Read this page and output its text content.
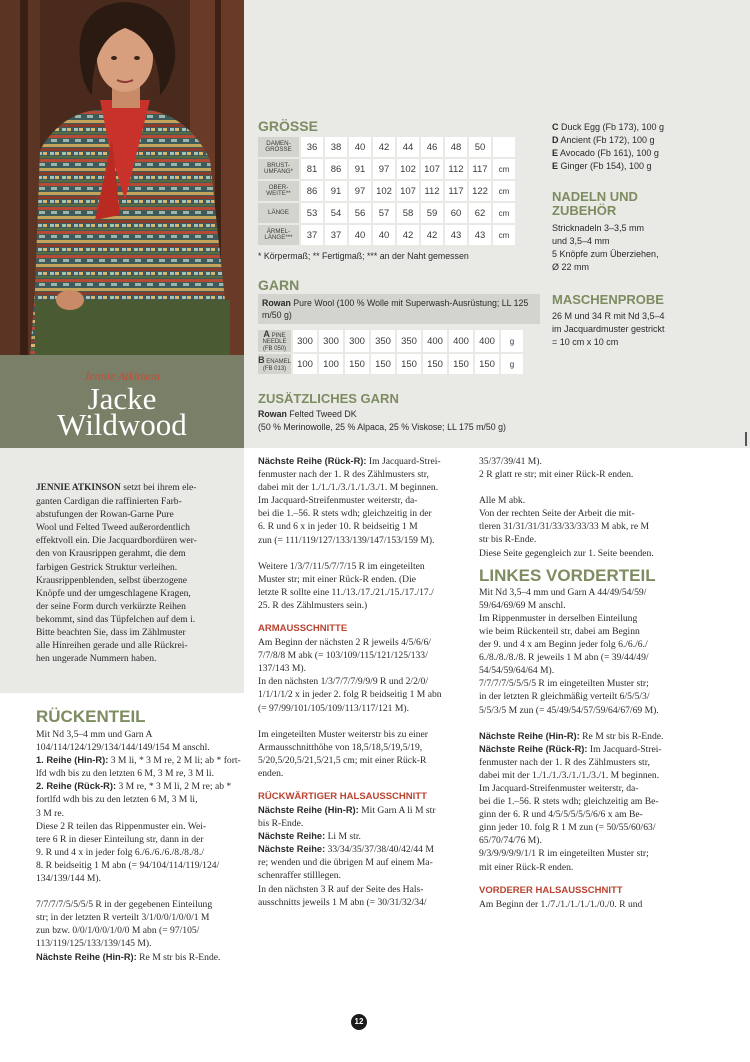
Jennie Atkinson
Jacke
Wildwood
GRÖSSE
DAMEN-
GRÖSSE	36	38	40	42	44	46	48	50	
BRUST-
UMFANG*	81	86	91	97	102	107	112	117	cm
OBER-
WEITE**	86	91	97	102	107	112	117	122	cm
LÄNGE	53	54	56	57	58	59	60	62	cm
ÄRMEL-
LÄNGE***	37	37	40	40	42	42	43	43	cm
* Körpermaß; ** Fertigmaß; *** an der Naht gemessen
GARN
Rowan Pure Wool (100 % Wolle mit Superwash-Ausrüstung; LL 125 m/50 g)
A PINE NEEDLE
(FB 050)	300	300	300	350	350	400	400	400	g
B ENAMEL
(FB 013)	100	100	150	150	150	150	150	150	g
ZUSÄTZLICHES GARN
Rowan Felted Tweed DK
(50 % Merinowolle, 25 % Alpaca, 25 % Viskose; LL 175 m/50 g)
C Duck Egg (Fb 173), 100 g
D Ancient (Fb 172), 100 g
E Avocado (Fb 161), 100 g
E Ginger (Fb 154), 100 g
NADELN UND
ZUBEHÖR

Stricknadeln 3–3,5 mm

und 3,5–4 mm

5 Knöpfe zum Überziehen,

Ø 22 mm

MASCHENPROBE

26 M und 34 R mit Nd 3,5–4

im Jacquardmuster gestrickt

= 10 cm x 10 cm

JENNIE ATKINSON setzt bei ihrem ele-

ganten Cardigan die raffinierten Farb-

abstufungen der Rowan-Garne Pure

Wool und Felted Tweed außerordentlich

effektvoll ein. Die Jacquardbordüren wer-

den von Krausrippen gerahmt, die dem

farbigen Gestrick Struktur verleihen.

Krausrippenblenden, selbst überzogene

Knöpfe und der umgeschlagene Kragen,

der seine Form durch verkürzte Reihen

bekommt, sind das Tüpfelchen auf dem i.

Bitte beachten Sie, dass im Zählmuster

alle Hinreihen gerade und alle Rückrei-

hen ungerade Nummern haben.

RÜCKENTEIL

Mit Nd 3,5–4 mm und Garn A

104/114/124/129/134/144/149/154 M anschl.

1. Reihe (Hin-R): 3 M li, * 3 M re, 2 M li; ab * fort-

lfd wdh bis zu den letzten 6 M, 3 M re, 3 M li.

2. Reihe (Rück-R): 3 M re, * 3 M li, 2 M re; ab *

fortlfd wdh bis zu den letzten 6 M, 3 M li,

3 M re.

Diese 2 R teilen das Rippenmuster ein. Wei-

tere 6 R in dieser Einteilung str, dann in der

9. R und 4 x in jeder folg 6./6./6./6./8./8./8./

8. R beidseitig 1 M abn (= 94/104/114/119/124/

134/139/144 M).

7/7/7/7/5/5/5/5 R in der gegebenen Einteilung

str; in der letzten R verteilt 3/1/0/0/1/0/0/1 M

zun bzw. 0/0/1/0/0/1/0/0 M abn (= 97/105/

113/119/125/133/139/145 M).

Nächste Reihe (Hin-R): Re M str bis R-Ende.

Nächste Reihe (Rück-R): Im Jacquard-Strei-

fenmuster nach der 1. R des Zählmusters str,

dabei mit der 1./1./1./3./1./1./3./1. M beginnen.

Im Jacquard-Streifenmuster weiterstr, da-

bei die 1.–56. R stets wdh; gleichzeitig in der

6. R und 6 x in jeder 10. R beidseitig 1 M

zun (= 111/119/127/133/139/147/153/159 M).

Weitere 1/3/7/11/5/7/7/15 R im eingeteilten

Muster str; mit einer Rück-R enden. (Die

letzte R sollte eine 11./13./17./21./15./17./17./

25. R des Zählmusters sein.)

ARMAUSSCHNITTE

Am Beginn der nächsten 2 R jeweils 4/5/6/6/

7/7/8/8 M abk (= 103/109/115/121/125/133/

137/143 M).

In den nächsten 1/3/7/7/7/9/9/9 R und 2/2/0/

1/1/1/1/2 x in jeder 2. folg R beidseitig 1 M abn

(= 97/99/101/105/109/113/117/121 M).

Im eingeteilten Muster weiterstr bis zu einer

Armausschnitthöhe von 18,5/18,5/19,5/19,

5/20,5/20,5/21,5/21,5 cm; mit einer Rück-R

enden.

RÜCKWÄRTIGER HALSAUSSCHNITT

Nächste Reihe (Hin-R): Mit Garn A li M str

bis R-Ende.

Nächste Reihe: Li M str.

Nächste Reihe: 33/34/35/37/38/40/42/44 M

re; wenden und die übrigen M auf einem Ma-

schenraffer stilllegen.

In den nächsten 3 R auf der Seite des Hals-

ausschnitts jeweils 1 M abn (= 30/31/32/34/

35/37/39/41 M).

2 R glatt re str; mit einer Rück-R enden.

Alle M abk.

Von der rechten Seite der Arbeit die mit-

tleren 31/31/31/31/33/33/33/33 M abk, re M

str bis R-Ende.

Diese Seite gegengleich zur 1. Seite beenden.

LINKES VORDERTEIL

Mit Nd 3,5–4 mm und Garn A 44/49/54/59/

59/64/69/69 M anschl.

Im Rippenmuster in derselben Einteilung

wie beim Rückenteil str, dabei am Beginn

der 9. und 4 x am Beginn jeder folg 6./6./6./

6./8./8./8./8. R jeweils 1 M abn (= 39/44/49/

54/54/59/64/64 M).

7/7/7/7/5/5/5/5 R im eingeteilten Muster str;

in der letzten R gleichmäßig verteilt 6/5/5/3/

5/5/3/5 M zun (= 45/49/54/57/59/64/67/69 M).

Nächste Reihe (Hin-R): Re M str bis R-Ende.

Nächste Reihe (Rück-R): Im Jacquard-Strei-

fenmuster nach der 1. R des Zählmusters str,

dabei mit der 1./1./1./3./1./1./3./1. M beginnen.

Im Jacquard-Streifenmuster weiterstr, da-

bei die 1.–56. R stets wdh; gleichzeitig am Be-

ginn der 6. R und 4/5/5/5/5/5/6/6 x am Be-

ginn jeder 10. folg R 1 M zun (= 50/55/60/63/

65/70/74/76 M).

9/3/9/9/9/9/1/1 R im eingeteilten Muster str;

mit einer Rück-R enden.

VORDERER HALSAUSSCHNITT

Am Beginn der 1./7./1./1./1./1./0./0. R und

12
